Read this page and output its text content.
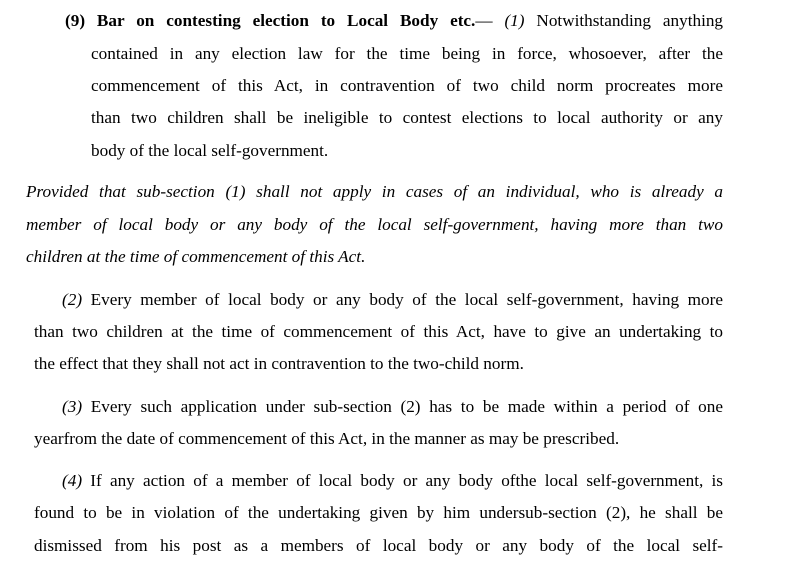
(9) Bar on contesting election to Local Body etc.— (1) Notwithstanding anything
contained in any election law for the time being in force, whosoever, after the
commencement of this Act, in contravention of two child norm procreates more
than two children shall be ineligible to contest elections to local authority or any
body of the local self-government.
Provided that sub-section (1) shall not apply in cases of an individual, who is already a
member of local body or any body of the local self-government, having more than two
children at the time of commencement of this Act.
(2) Every member of local body or any body of the local self-government, having more
than two children at the time of commencement of this Act, have to give an undertaking to
the effect that they shall not act in contravention to the two-child norm.
(3) Every such application under sub-section (2) has to be made within a period of one
yearfrom the date of commencement of this Act, in the manner as may be prescribed.
(4) If any action of a member of local body or any body ofthe local self-government, is
found to be in violation of the undertaking given by him undersub-section (2), he shall be
dismissed from his post as a members of local body or any body of the local self-
